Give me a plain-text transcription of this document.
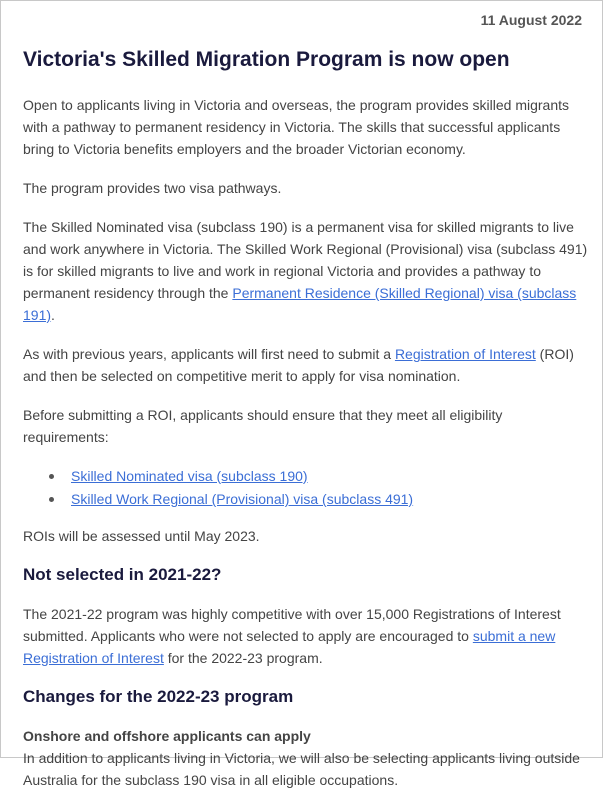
11 August 2022
Victoria's Skilled Migration Program is now open

Open to applicants living in Victoria and overseas, the program provides skilled migrants with a pathway to permanent residency in Victoria. The skills that successful applicants bring to Victoria benefits employers and the broader Victorian economy.

The program provides two visa pathways.

The Skilled Nominated visa (subclass 190) is a permanent visa for skilled migrants to live and work anywhere in Victoria. The Skilled Work Regional (Provisional) visa (subclass 491) is for skilled migrants to live and work in regional Victoria and provides a pathway to permanent residency through the Permanent Residence (Skilled Regional) visa (subclass 191).

As with previous years, applicants will first need to submit a Registration of Interest (ROI) and then be selected on competitive merit to apply for visa nomination.

Before submitting a ROI, applicants should ensure that they meet all eligibility requirements:

Skilled Nominated visa (subclass 190)
Skilled Work Regional (Provisional) visa (subclass 491)

ROIs will be assessed until May 2023.

Not selected in 2021-22?

The 2021-22 program was highly competitive with over 15,000 Registrations of Interest submitted. Applicants who were not selected to apply are encouraged to submit a new Registration of Interest for the 2022-23 program.

Changes for the 2022-23 program

Onshore and offshore applicants can apply
In addition to applicants living in Victoria, we will also be selecting applicants living outside Australia for the subclass 190 visa in all eligible occupations.
